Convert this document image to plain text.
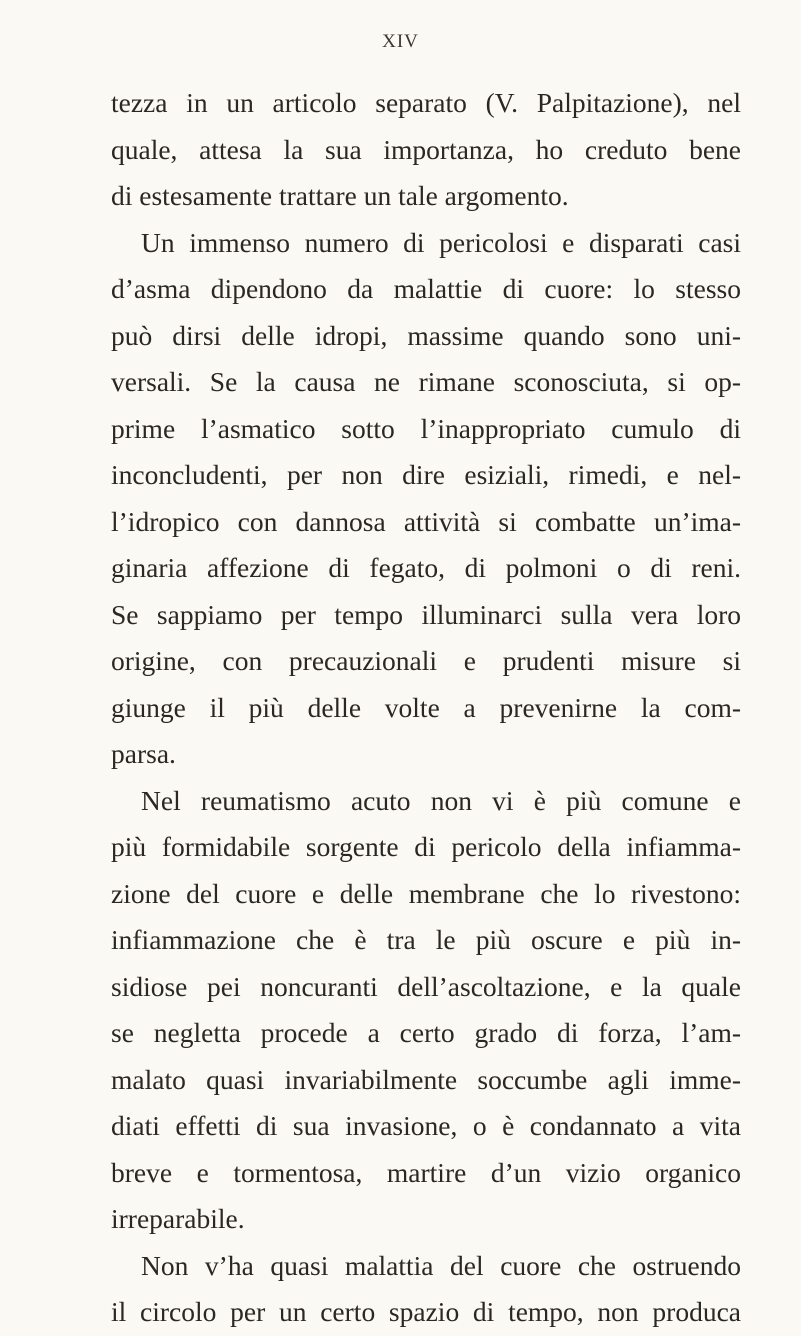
XIV
tezza in un articolo separato (V. Palpitazione), nel
quale, attesa la sua importanza, ho creduto bene
di estesamente trattare un tale argomento.
Un immenso numero di pericolosi e disparati casi
d’asma dipendono da malattie di cuore: lo stesso
può dirsi delle idropi, massime quando sono uni-
versali. Se la causa ne rimane sconosciuta, si op-
prime l’asmatico sotto l’inappropriato cumulo di
inconcludenti, per non dire esiziali, rimedi, e nel-
l’idropico con dannosa attività si combatte un’ima-
ginaria affezione di fegato, di polmoni o di reni.
Se sappiamo per tempo illuminarci sulla vera loro
origine, con precauzionali e prudenti misure si
giunge il più delle volte a prevenirne la com-
parsa.
Nel reumatismo acuto non vi è più comune e
più formidabile sorgente di pericolo della infiamma-
zione del cuore e delle membrane che lo rivestono:
infiammazione che è tra le più oscure e più in-
sidiose pei noncuranti dell’ascoltazione, e la quale
se negletta procede a certo grado di forza, l’am-
malato quasi invariabilmente soccumbe agli imme-
diati effetti di sua invasione, o è condannato a vita
breve e tormentosa, martire d’un vizio organico
irreparabile.
Non v’ha quasi malattia del cuore che ostruendo
il circolo per un certo spazio di tempo, non produca
